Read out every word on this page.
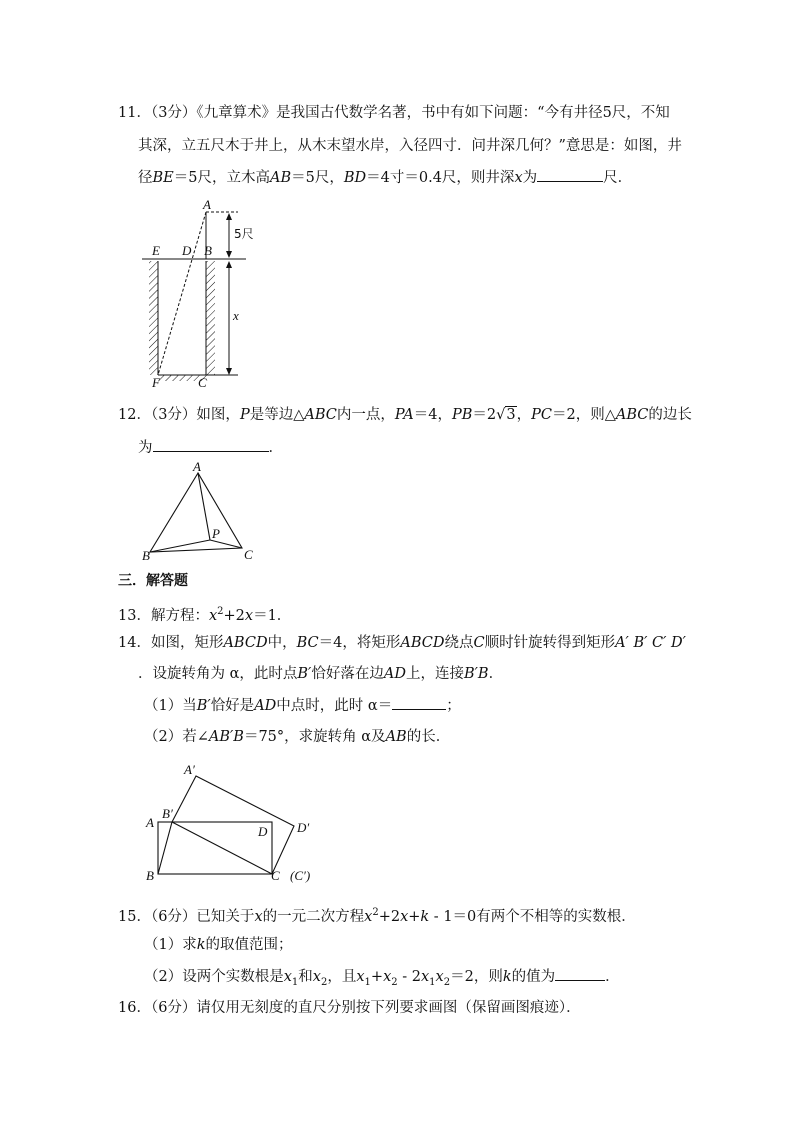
11．（3分）《九章算术》是我国古代数学名著，书中有如下问题：“今有井径5尺，不知
其深，立五尺木于井上，从木末望水岸，入径四寸．问井深几何？”意思是：如图，井
径BE＝5尺，立木高AB＝5尺，BD＝4寸＝0.4尺，则井深x为	尺．
A
E D B
F	C
5尺
x
12．（3分）如图，P是等边△ABC内一点，PA＝4，PB＝2√3，PC＝2，则△ABC的边长
为	．
A
B	C
P
三．解答题
13．解方程：$x^2+2x=1$．
14．如图，矩形ABCD中，BC＝4，将矩形ABCD绕点C顺时针旋转得到矩形A′ B′ C′ D′
．设旋转角为 α，此时点B′恰好落在边AD上，连接B′B．
（1）当B′恰好是AD中点时，此时 α＝	；
（2）若∠AB′B＝75°，求旋转角 α及AB的长．
A′
B′
A
B
D D′
C (C′)
15．（6分）已知关于x的一元二次方程$x^2+2x+k - 1=0$有两个不相等的实数根．
（1）求k的取值范围；
（2）设两个实数根是$x_1$和$x_2$，且$x_1+x_2 - 2x_1x_2=2$，则k的值为	．
16．（6分）请仅用无刻度的直尺分别按下列要求画图（保留画图痕迹）．
